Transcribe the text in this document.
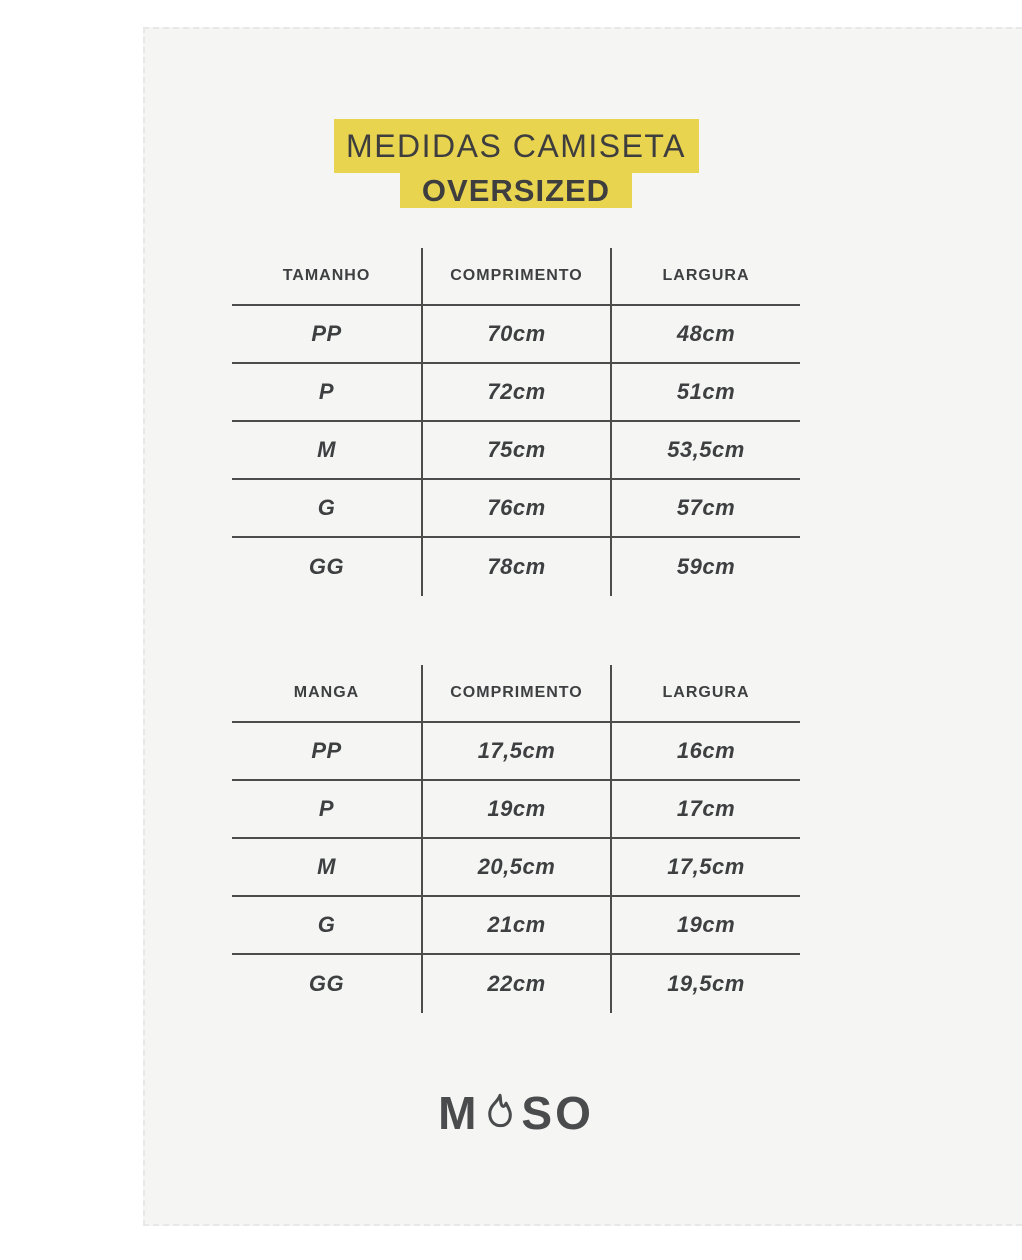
MEDIDAS CAMISETA
OVERSIZED
TAMANHO	COMPRIMENTO	LARGURA
PP	70cm	48cm
P	72cm	51cm
M	75cm	53,5cm
G	76cm	57cm
GG	78cm	59cm
MANGA	COMPRIMENTO	LARGURA
PP	17,5cm	16cm
P	19cm	17cm
M	20,5cm	17,5cm
G	21cm	19cm
GG	22cm	19,5cm
M SO
